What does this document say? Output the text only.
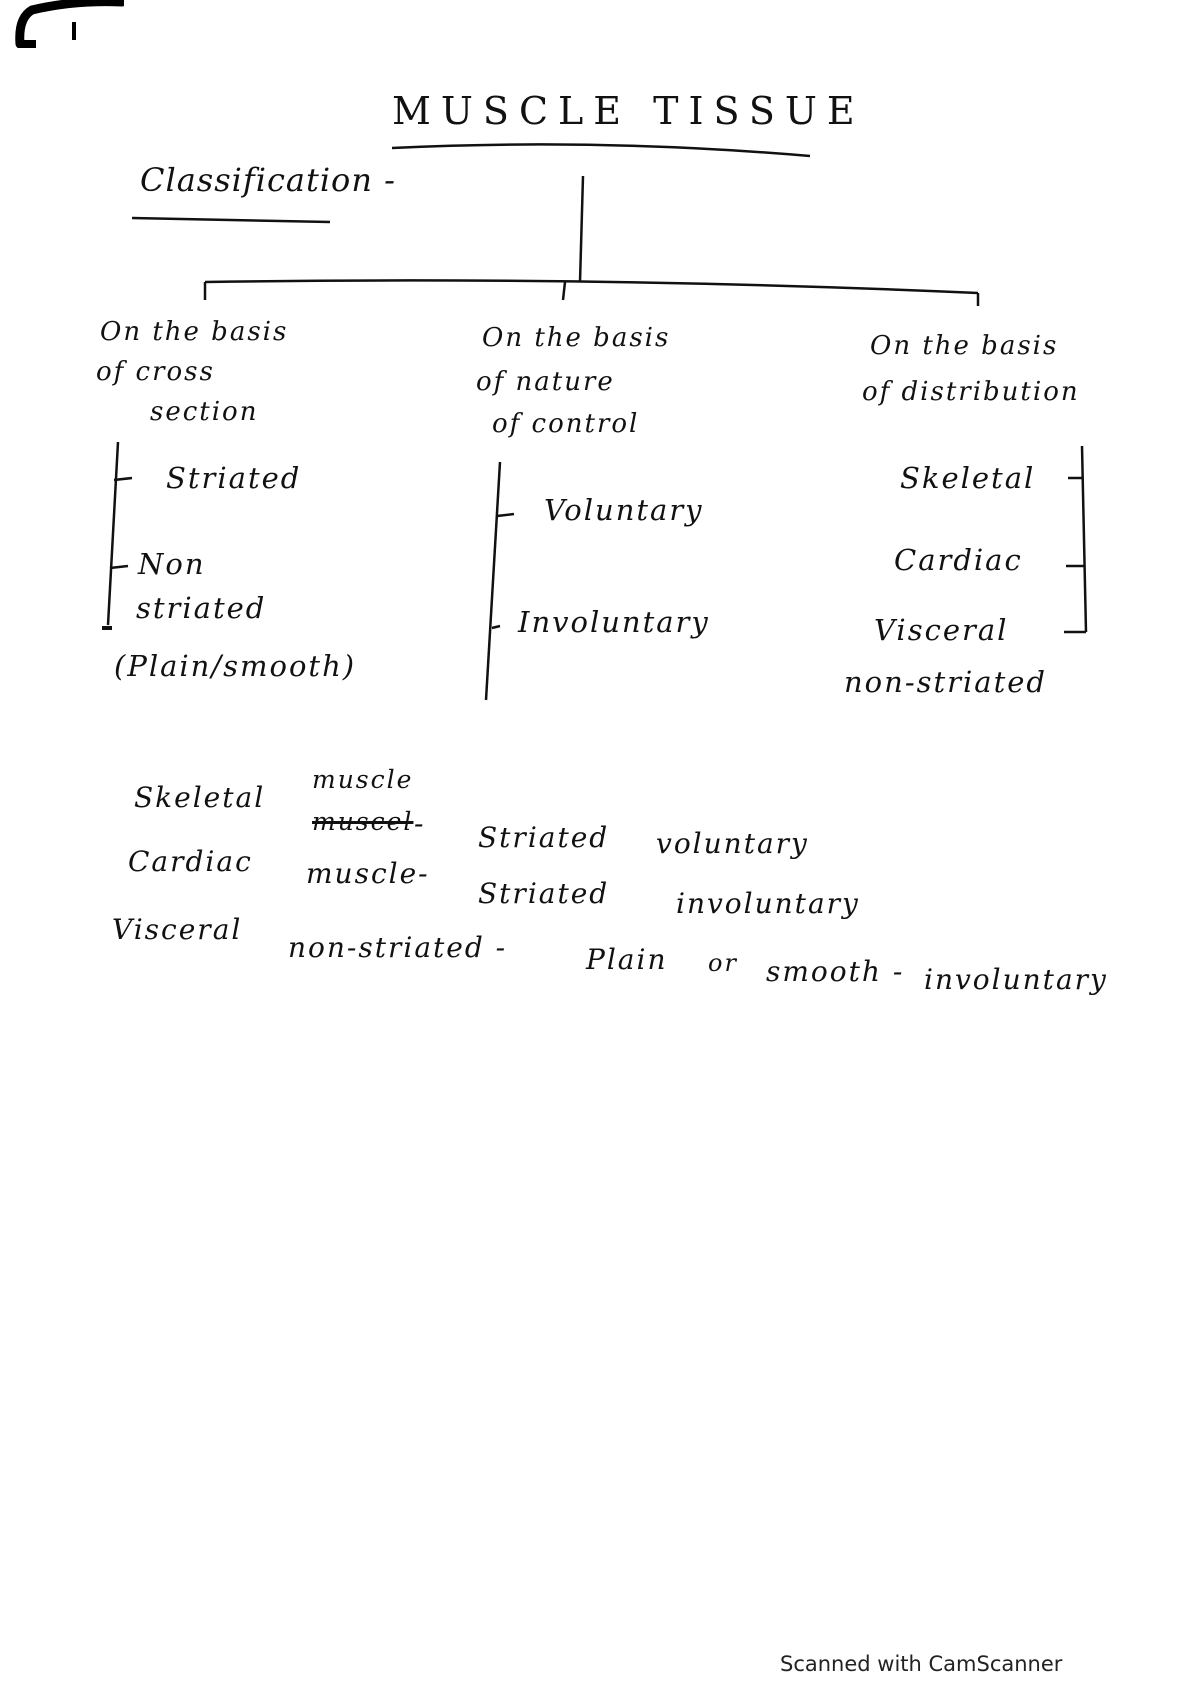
MUSCLE TISSUE
Classification -
On the basis
of cross
section
Striated
Non
striated
(Plain/smooth)
On the basis
of nature
of control
Voluntary
Involuntary
On the basis
of distribution
Skeletal
Cardiac
Visceral
non-striated
Skeletal
muscle
muscel - Striated voluntary
Cardiac muscle-
Striated involuntary
Visceral
non-striated -	Plain or smooth - involuntary
Scanned with CamScanner
